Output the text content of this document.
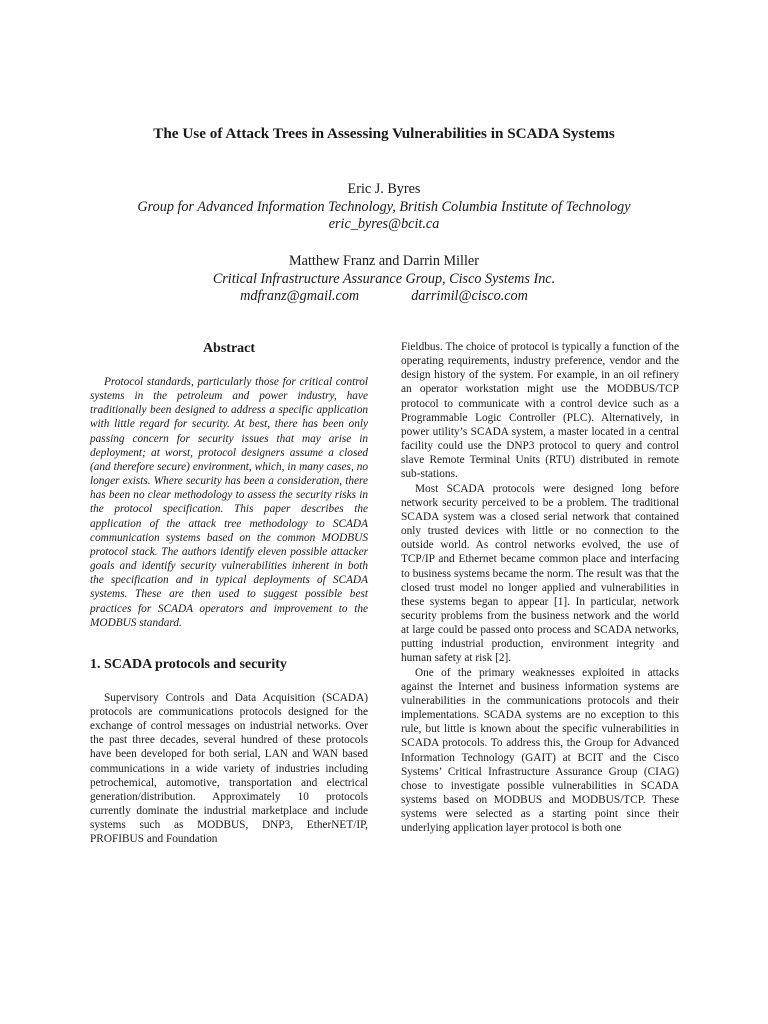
The Use of Attack Trees in Assessing Vulnerabilities in SCADA Systems
Eric J. Byres
Group for Advanced Information Technology, British Columbia Institute of Technology
eric_byres@bcit.ca
Matthew Franz and Darrin Miller
Critical Infrastructure Assurance Group, Cisco Systems Inc.
mdfranz@gmail.com	darrimil@cisco.com
Abstract

Protocol standards, particularly those for critical control systems in the petroleum and power industry, have traditionally been designed to address a specific application with little regard for security. At best, there has been only passing concern for security issues that may arise in deployment; at worst, protocol designers assume a closed (and therefore secure) environment, which, in many cases, no longer exists. Where security has been a consideration, there has been no clear methodology to assess the security risks in the protocol specification. This paper describes the application of the attack tree methodology to SCADA communication systems based on the common MODBUS protocol stack. The authors identify eleven possible attacker goals and identify security vulnerabilities inherent in both the specification and in typical deployments of SCADA systems. These are then used to suggest possible best practices for SCADA operators and improvement to the MODBUS standard.

1. SCADA protocols and security

Supervisory Controls and Data Acquisition (SCADA) protocols are communications protocols designed for the exchange of control messages on industrial networks. Over the past three decades, several hundred of these protocols have been developed for both serial, LAN and WAN based communications in a wide variety of industries including petrochemical, automotive, transportation and electrical generation/distribution. Approximately 10 protocols currently dominate the industrial marketplace and include systems such as MODBUS, DNP3, EtherNET/IP, PROFIBUS and Foundation

Fieldbus. The choice of protocol is typically a function of the operating requirements, industry preference, vendor and the design history of the system. For example, in an oil refinery an operator workstation might use the MODBUS/TCP protocol to communicate with a control device such as a Programmable Logic Controller (PLC). Alternatively, in power utility’s SCADA system, a master located in a central facility could use the DNP3 protocol to query and control slave Remote Terminal Units (RTU) distributed in remote sub-stations.

Most SCADA protocols were designed long before network security perceived to be a problem. The traditional SCADA system was a closed serial network that contained only trusted devices with little or no connection to the outside world. As control networks evolved, the use of TCP/IP and Ethernet became common place and interfacing to business systems became the norm. The result was that the closed trust model no longer applied and vulnerabilities in these systems began to appear [1]. In particular, network security problems from the business network and the world at large could be passed onto process and SCADA networks, putting industrial production, environment integrity and human safety at risk [2].

One of the primary weaknesses exploited in attacks against the Internet and business information systems are vulnerabilities in the communications protocols and their implementations. SCADA systems are no exception to this rule, but little is known about the specific vulnerabilities in SCADA protocols. To address this, the Group for Advanced Information Technology (GAIT) at BCIT and the Cisco Systems’ Critical Infrastructure Assurance Group (CIAG) chose to investigate possible vulnerabilities in SCADA systems based on MODBUS and MODBUS/TCP. These systems were selected as a starting point since their underlying application layer protocol is both one
